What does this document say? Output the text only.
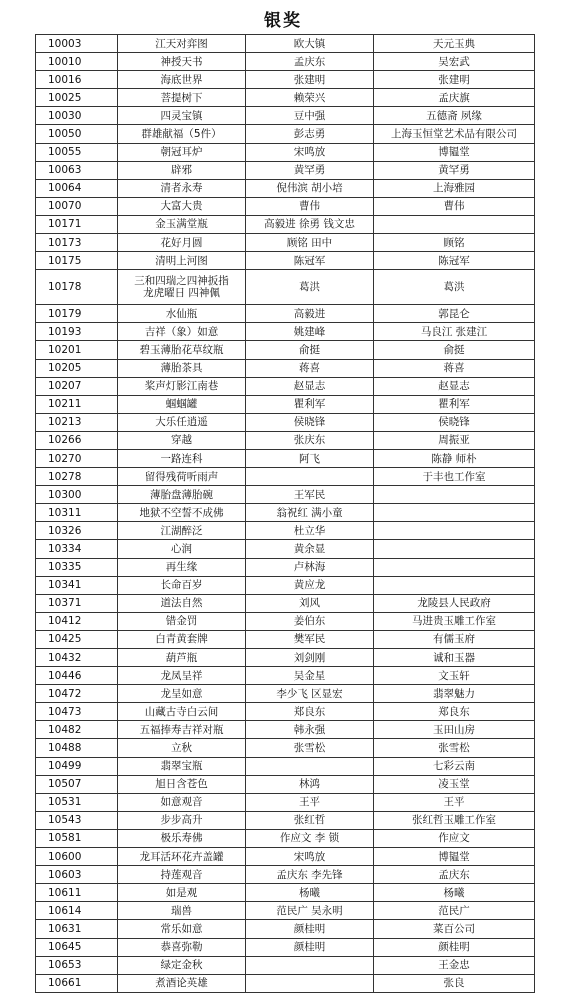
银奖
10003	江天对弈图	欧大镇	天元玉典
10010	神授天书	孟庆东	吴宏武
10016	海底世界	张建明	张建明
10025	菩提树下	赖荣兴	孟庆旗
10030	四灵宝镇	豆中强	五德斋 夙缘
10050	群雄献福（5件）	彭志勇	上海玉恒堂艺术品有限公司
10055	朝冠耳炉	宋鸣放	博韫堂
10063	辟邪	黄罕勇	黄罕勇
10064	清者永寿	倪伟滨 胡小培	上海雅园
10070	大富大贵	曹伟	曹伟
10171	金玉满堂瓶	高毅进 徐勇 钱文忠	
10173	花好月圆	顾铭 田中	顾铭
10175	清明上河图	陈冠军	陈冠军
10178	三和四瑞之四神扳指
龙虎曜日 四神佩	葛洪	葛洪
10179	水仙瓶	高毅进	郭昆仑
10193	吉祥（象）如意	姚建峰	马良江 张建江
10201	碧玉薄胎花草纹瓶	俞挺	俞挺
10205	薄胎茶具	蒋喜	蒋喜
10207	桨声灯影江南巷	赵显志	赵显志
10211	蝈蝈罐	瞿利军	瞿利军
10213	大乐任逍遥	侯晓锋	侯晓锋
10266	穿越	张庆东	周振亚
10270	一路连科	阿飞	陈静 师朴
10278	留得残荷听雨声		于丰也工作室
10300	薄胎盘薄胎碗	王军民	
10311	地狱不空誓不成佛	翁祝红 满小童	
10326	江湖醉泛	杜立华	
10334	心润	黄余显	
10335	再生缘	卢林海	
10341	长命百岁	黄应龙	
10371	道法自然	刘风	龙陵县人民政府
10412	错金罚	姜伯东	马进贵玉雕工作室
10425	白青黄套牌	樊军民	有儒玉府
10432	葫芦瓶	刘剑刚	诚和玉器
10446	龙凤呈祥	吴金星	文玉轩
10472	龙呈如意	李少飞 区显宏	翡翠魅力
10473	山藏古寺白云间	郑良东	郑良东
10482	五福捧寿吉祥对瓶	韩永强	玉田山房
10488	立秋	张雪松	张雪松
10499	翡翠宝瓶		七彩云南
10507	旭日含苍色	林鸿	凌玉堂
10531	如意观音	王平	王平
10543	步步高升	张红哲	张红哲玉雕工作室
10581	极乐寿佛	作应文 李 锁	作应文
10600	龙耳活环花卉盖罐	宋鸣放	博韫堂
10603	持莲观音	孟庆东 李先锋	孟庆东
10611	如是观	杨曦	杨曦
10614	瑞兽	范民广 吴永明	范民广
10631	常乐如意	颜桂明	菜百公司
10645	恭喜弥勒	颜桂明	颜桂明
10653	绿定金秋		王金忠
10661	煮酒论英雄		张良
